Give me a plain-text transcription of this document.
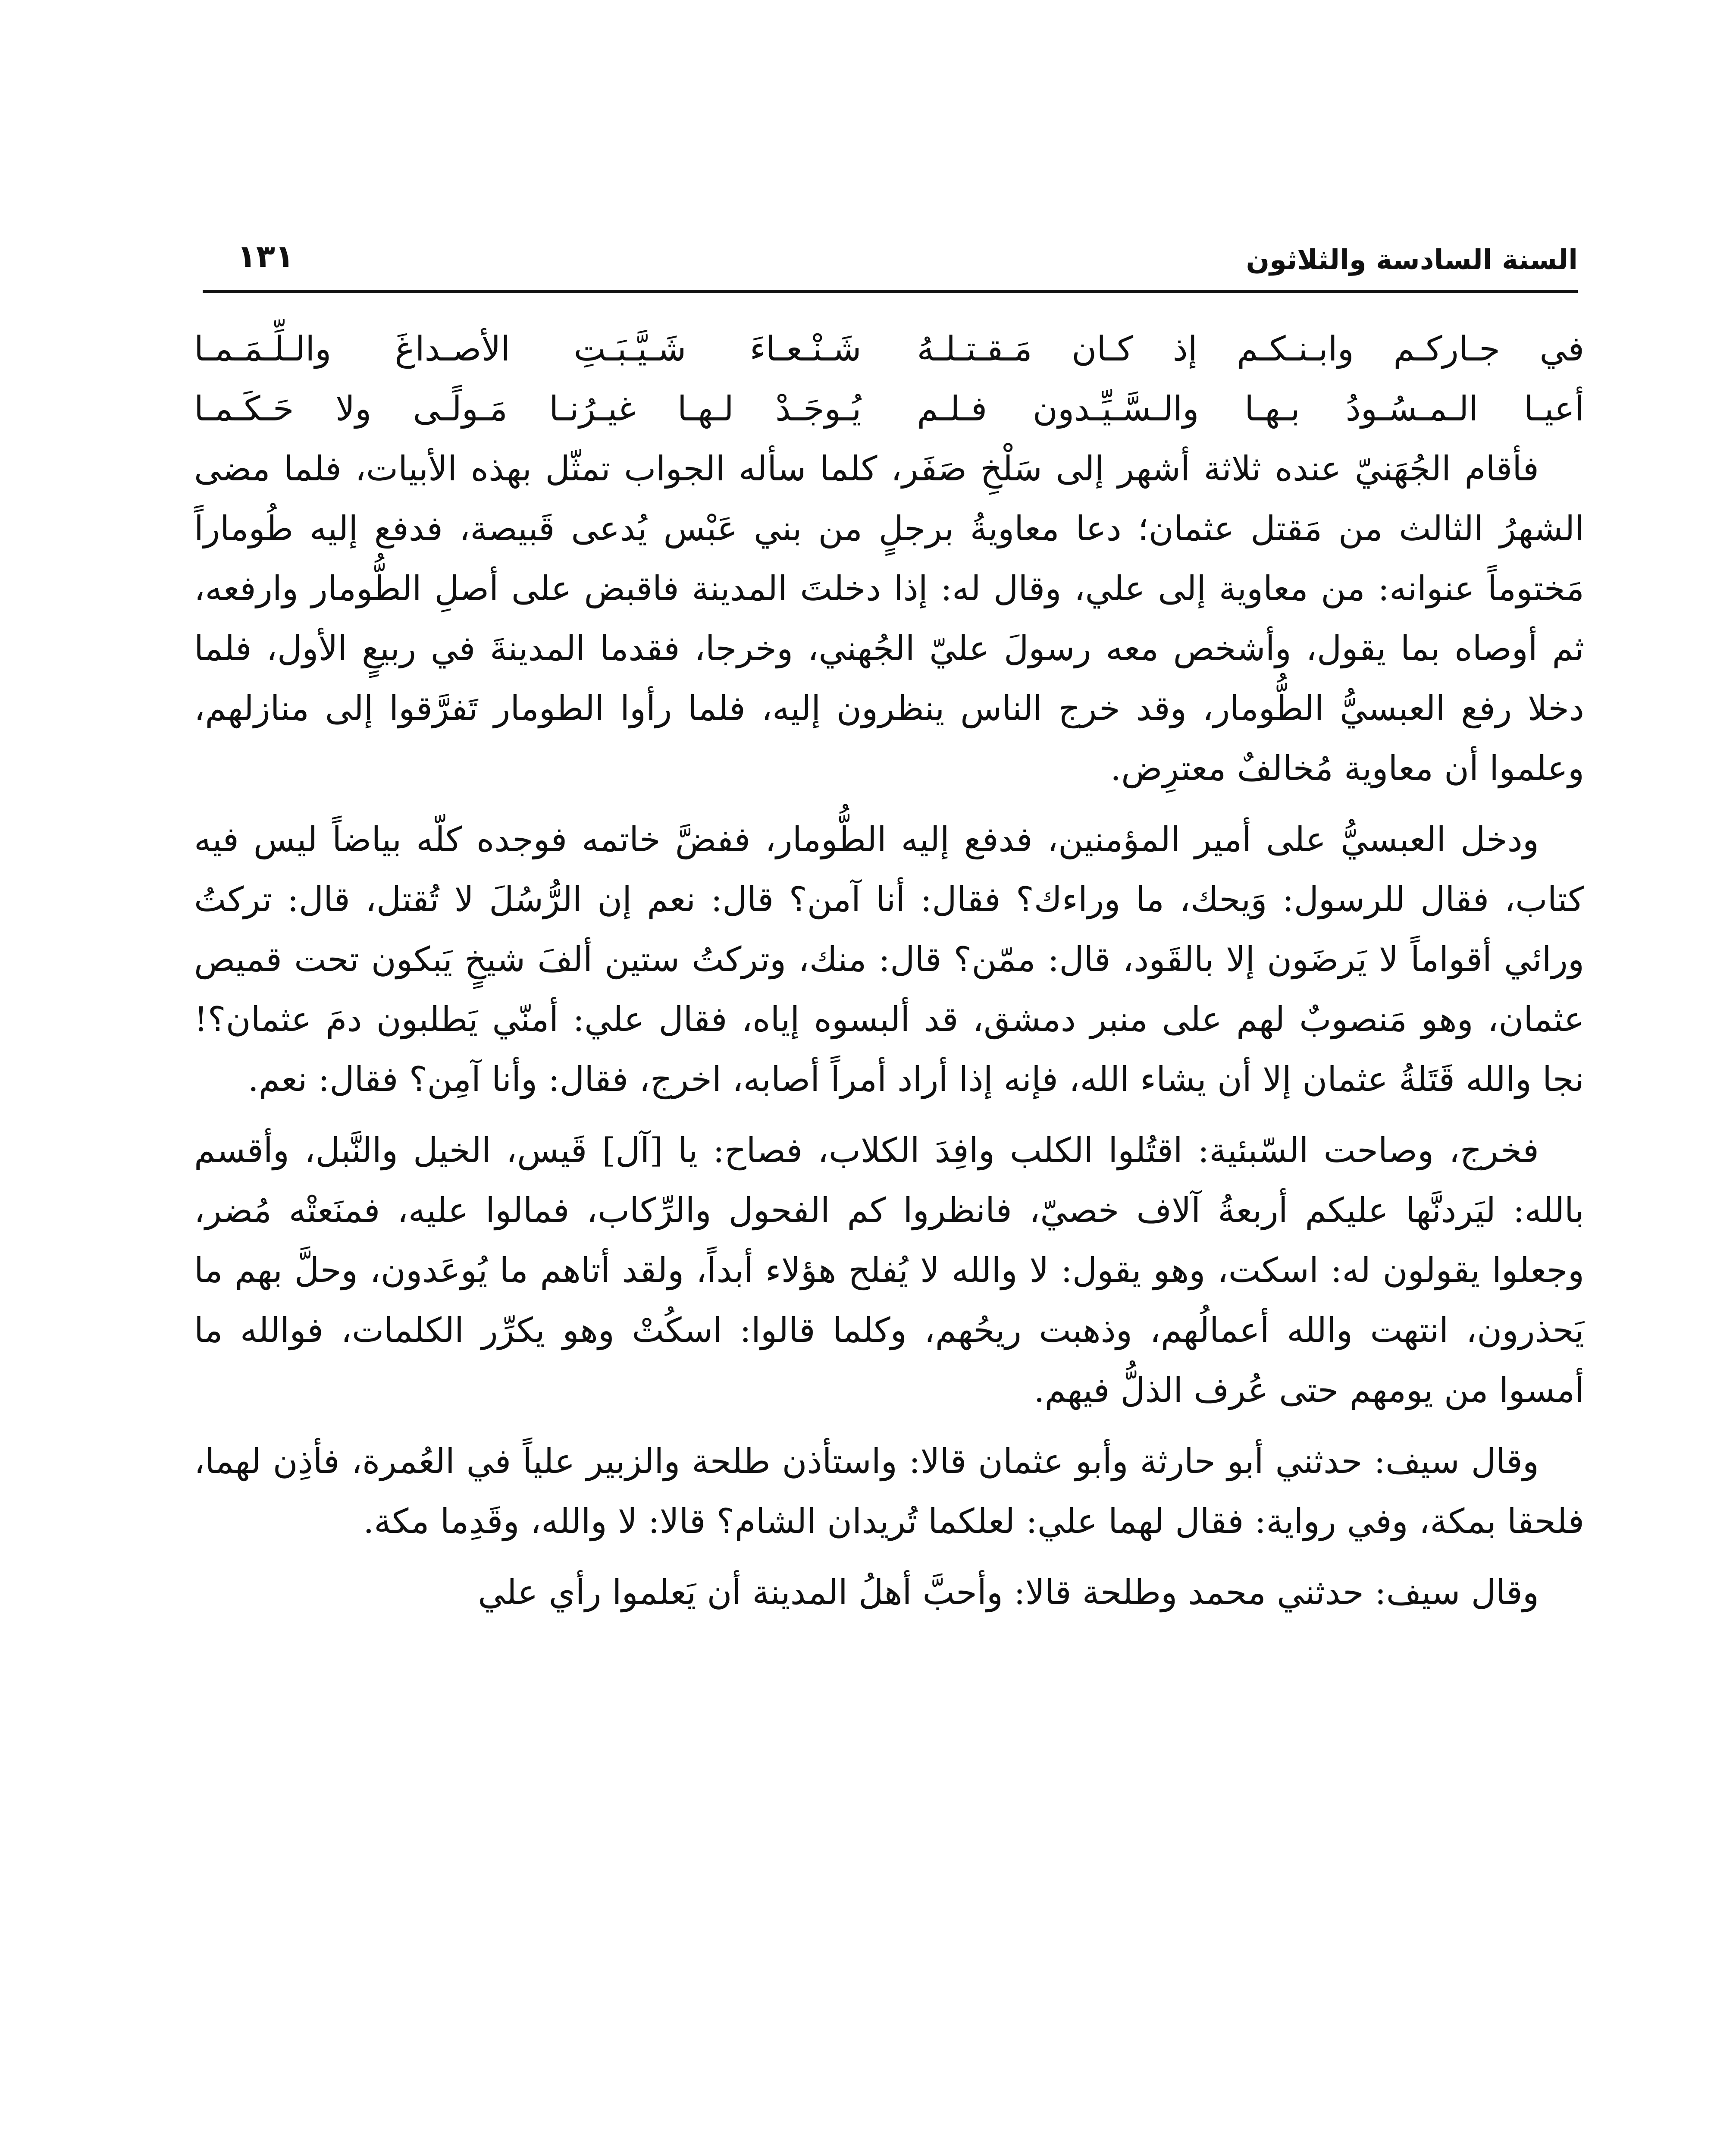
السنة السادسة والثلاثون
١٣١
في جـاركـم وابـنـكـم إذ كـان مَـقـتـلـهُ
شَـنْـعـاءَ شَـيَّـبَـتِ الأصـداغَ والـلِّـمَـمـا
أعيـا الـمـسُـودُ بـهـا والـسَّـيِّـدون فـلـم
يُـوجَـدْ لـهـا غيـرُنـا مَـولًـى ولا حَـكَـمـا

فأقام الجُهَنيّ عنده ثلاثة أشهر إلى سَلْخِ صَفَر، كلما سأله الجواب تمثّل بهذه الأبيات، فلما مضى الشهرُ الثالث من مَقتل عثمان؛ دعا معاويةُ برجلٍ من بني عَبْس يُدعى قَبيصة، فدفع إليه طُوماراً مَختوماً عنوانه: من معاوية إلى علي، وقال له: إذا دخلتَ المدينة فاقبض على أصلِ الطُّومار وارفعه، ثم أوصاه بما يقول، وأشخص معه رسولَ عليّ الجُهني، وخرجا، فقدما المدينةَ في ربيعٍ الأول، فلما دخلا رفع العبسيُّ الطُّومار، وقد خرج الناس ينظرون إليه، فلما رأوا الطومار تَفرَّقوا إلى منازلهم، وعلموا أن معاوية مُخالفٌ معترِض.

ودخل العبسيُّ على أمير المؤمنين، فدفع إليه الطُّومار، ففضَّ خاتمه فوجده كلّه بياضاً ليس فيه كتاب، فقال للرسول: وَيحك، ما وراءك؟ فقال: أنا آمن؟ قال: نعم إن الرُّسُلَ لا تُقتل، قال: تركتُ ورائي أقواماً لا يَرضَون إلا بالقَود، قال: ممّن؟ قال: منك، وتركتُ ستين ألفَ شيخٍ يَبكون تحت قميص عثمان، وهو مَنصوبٌ لهم على منبر دمشق، قد ألبسوه إياه، فقال علي: أمنّي يَطلبون دمَ عثمان؟! نجا والله قَتَلةُ عثمان إلا أن يشاء الله، فإنه إذا أراد أمراً أصابه، اخرج، فقال: وأنا آمِن؟ فقال: نعم.

فخرج، وصاحت السّبئية: اقتُلوا الكلب وافِدَ الكلاب، فصاح: يا [آل] قَيس، الخيل والنَّبل، وأقسم بالله: ليَردنَّها عليكم أربعةُ آلاف خصيّ، فانظروا كم الفحول والرِّكاب، فمالوا عليه، فمنَعتْه مُضر، وجعلوا يقولون له: اسكت، وهو يقول: لا والله لا يُفلح هؤلاء أبداً، ولقد أتاهم ما يُوعَدون، وحلَّ بهم ما يَحذرون، انتهت والله أعمالُهم، وذهبت ريحُهم، وكلما قالوا: اسكُتْ وهو يكرِّر الكلمات، فوالله ما أمسوا من يومهم حتى عُرف الذلُّ فيهم.

وقال سيف: حدثني أبو حارثة وأبو عثمان قالا: واستأذن طلحة والزبير علياً في العُمرة، فأذِن لهما، فلحقا بمكة، وفي رواية: فقال لهما علي: لعلكما تُريدان الشام؟ قالا: لا والله، وقَدِما مكة.

وقال سيف: حدثني محمد وطلحة قالا: وأحبَّ أهلُ المدينة أن يَعلموا رأي علي
